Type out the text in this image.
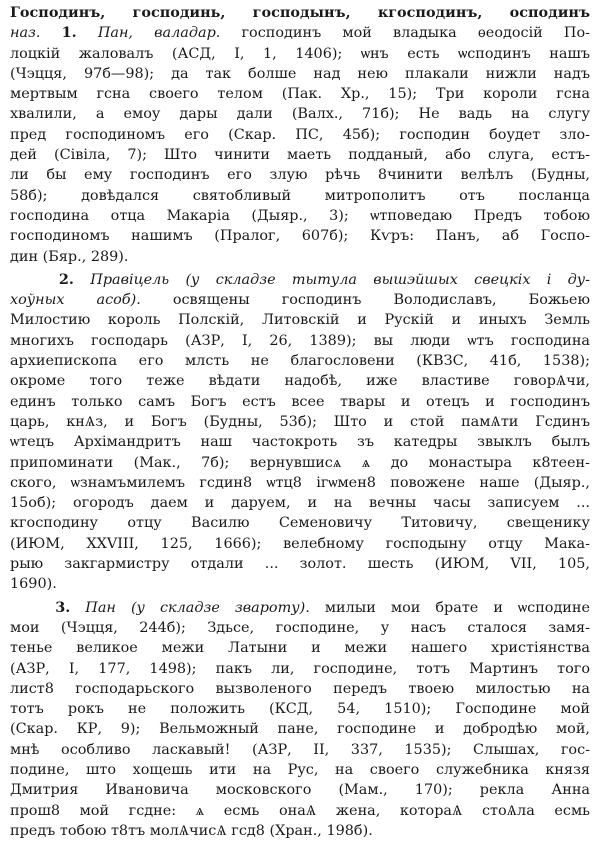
Господинъ, господинь, господынъ, кгосподинъ, осподинъ
наз. 1. Пан, валадар. господинъ мой владыка ѳеодосій По-
лоцкій жаловалъ (АСД, I, 1, 1406); ѡнъ есть ѡсподинъ нашъ
(Чэцця, 97б—98); да так болше над нею плакали нижли надъ
мертвым гсна своего телом (Пак. Хр., 15); Три короли гсна
хвалили, а емоу дары дали (Валх., 71б); Не вадь на слугу
пред господиномъ его (Скар. ПС, 45б); господин боудет зло-
дей (Сівіла, 7); Што чинити маеть подданый, або слуга, естъ-
ли бы ему господинъ его злую рѣчь 8чинити велѣлъ (Будны,
58б); довѣдался святобливый митрополитъ отъ посланца
господина отца Макаріа (Дыяр., 3); ѡтповедаю Предъ тобою
господиномъ нашимъ (Пралог, 607б); Кѵръ: Панъ, аб Госпо-
дин (Бяр., 289).
2. Правіцель (у складзе тытула вышэйшых свецкіх і ду-
хоўных асоб). освящены господинъ Володиславъ, Божьею
Милостию король Полскій, Литовскій и Рускій и иныхъ Земль
многихъ господарь (АЗР, I, 26, 1389); вы люди ѡтъ господина
архиепископа его млсть не благословени (КВЗС, 41б, 1538);
окроме того теже вѣдати надобѣ, иже властиве говорѦчи,
единъ только самъ Богъ естъ всее твары и отецъ и господинъ
царь, кнѦз, и Богъ (Будны, 53б); Што и стой памѦти Гсдинъ
ѡтецъ Архімандритъ наш частокроть зъ катедры звыклъ былъ
припоминати (Мак., 7б); вернувшисѧ ѧ до монастыра к8теен-
ского, ѡзнамъмилемъ гсдин8 ѡтц8 ігѡмен8 повожене наше (Дыяр.,
15об); огородъ даем и даруем, и на вечны часы записуем ...
кгосподину отцу Василю Семеновичу Титовичу, свещенику
(ИЮМ, XXVIII, 125, 1666); велебному господыну отцу Мака-
рыю закгармистру отдали ... золот. шесть (ИЮМ, VII, 105,
1690).
3. Пан (у складзе звароту). милыи мои брате и ѡсподине
мои (Чэцця, 244б); Здьсе, господине, у насъ сталося замя-
тенье великое межи Латыни и межи нашего христіянства
(АЗР, I, 177, 1498); пакъ ли, господине, тотъ Мартинъ того
лист8 господарьского вызволеного передъ твоею милостью на
тотъ рокъ не положить (КСД, 54, 1510); Господине мой
(Скар. КР, 9); Вельможный пане, господине и добродѣю мой,
мнѣ особливо ласкавый! (АЗР, II, 337, 1535); Слышах, гос-
подине, што хощешь ити на Рус, на своего служебника князя
Дмитрия Ивановича московского (Мам., 170); рекла Анна
прош8 мой гсдне: ѧ есмь онаѦ жена, котораѦ стоѦла есмь
предъ тобою т8тъ молѦчисѦ гсд8 (Хран., 198б).
